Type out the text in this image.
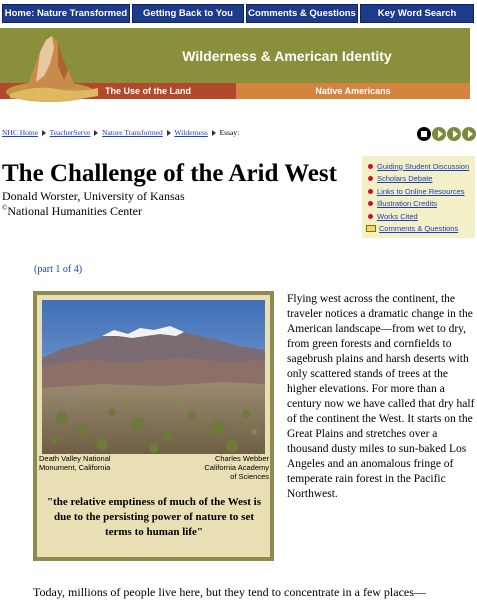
Home: Nature Transformed	Getting Back to You	Comments & Questions	Key Word Search
Wilderness & American Identity
The Use of the Land	Native Americans
NHC Home TeacherServe Nature Transformed Wilderness Essay:
The Challenge of the Arid West
Donald Worster, University of Kansas
©National Humanities Center
Guiding Student Discussion
Scholars Debate
Links to Online Resources
Illustration Credits
Works Cited
Comments & Questions
(part 1 of 4)
Death Valley National
Monument, California
Charles Webber
California Academy
of Sciences
"the relative emptiness of much of the West is due to the persisting power of nature to set terms to human life"

Flying west across the continent, the traveler notices a dramatic change in the American landscape—from wet to dry, from green forests and cornfields to sagebrush plains and harsh deserts with only scattered stands of trees at the higher elevations. For more than a century now we have called that dry half of the continent the West. It starts on the Great Plains and stretches over a thousand dusty miles to sun-baked Los Angeles and an anomalous fringe of temperate rain forest in the Pacific Northwest.

Today, millions of people live here, but they tend to concentrate in a few places—
